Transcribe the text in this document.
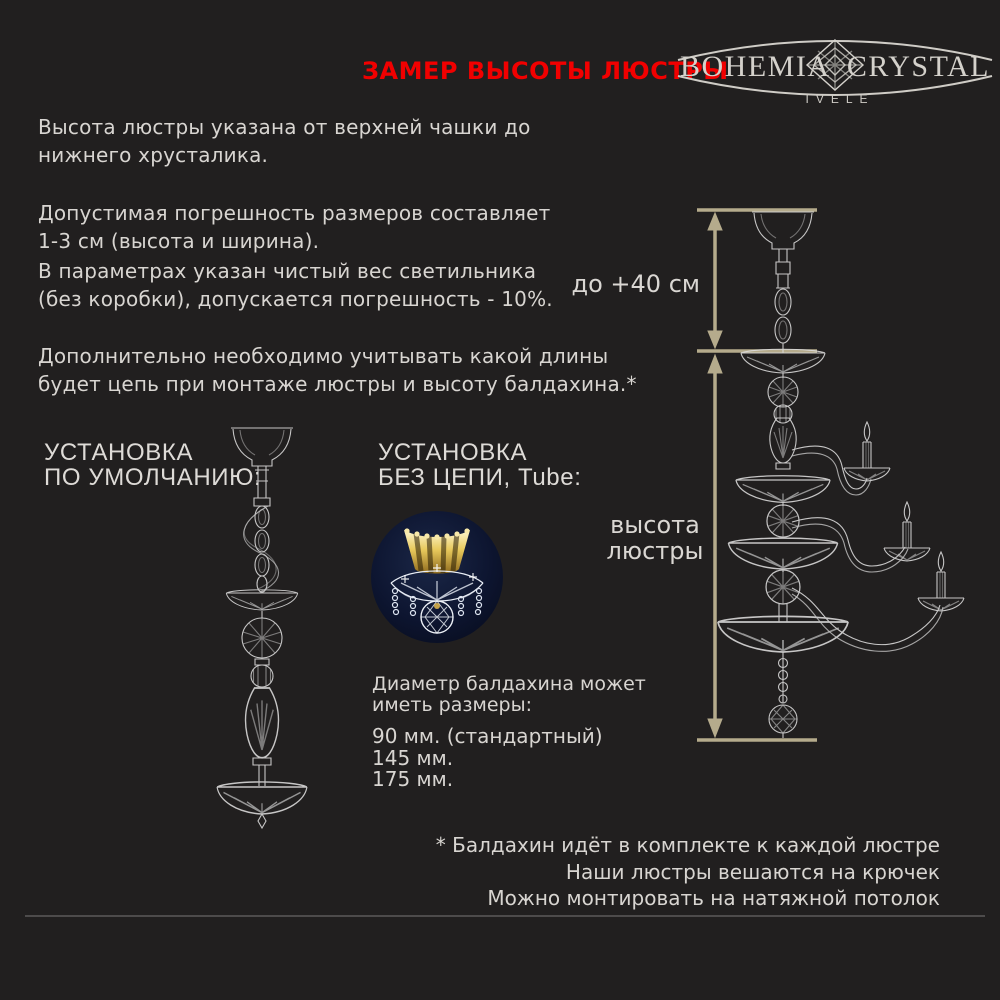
ЗАМЕР ВЫСОТЫ ЛЮСТРЫ
BOHEMIA CRYSTAL
IVELE
Высота люстры указана от верхней чашки до
нижнего хрусталика.
Допустимая погрешность размеров составляет
1-3 см (высота и ширина).
В параметрах указан чистый вес светильника
(без коробки), допускается погрешность - 10%.
Дополнительно необходимо учитывать какой длины
будет цепь при монтаже люстры и высоту балдахина.*
до +40 см
высота
люстры
УСТАНОВКА
ПО УМОЛЧАНИЮ:
УСТАНОВКА
БЕЗ ЦЕПИ, Tube:
Диаметр балдахина может
иметь размеры:
90 мм. (стандартный)
145 мм.
175 мм.
* Балдахин идёт в комплекте к каждой люстре
Наши люстры вешаются на крючек
Можно монтировать на натяжной потолок
